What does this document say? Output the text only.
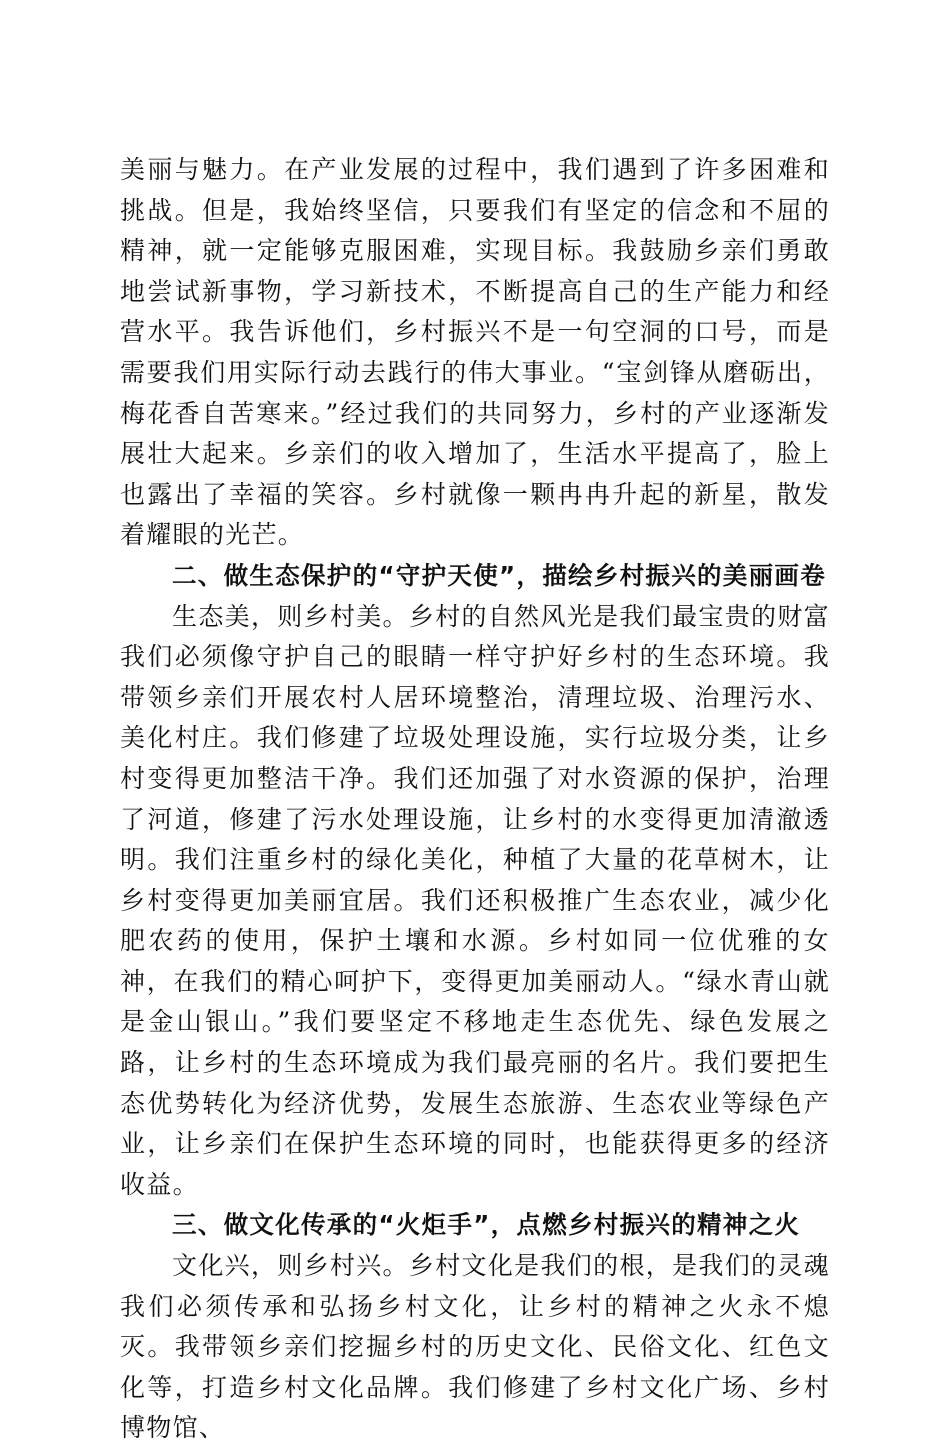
美丽与魅力。在产业发展的过程中，我们遇到了许多困难和挑战。但是，我始终坚信，只要我们有坚定的信念和不屈的精神，就一定能够克服困难，实现目标。我鼓励乡亲们勇敢地尝试新事物，学习新技术，不断提高自己的生产能力和经营水平。我告诉他们，乡村振兴不是一句空洞的口号，而是需要我们用实际行动去践行的伟大事业。“宝剑锋从磨砺出，梅花香自苦寒来。”经过我们的共同努力，乡村的产业逐渐发展壮大起来。乡亲们的收入增加了，生活水平提高了，脸上也露出了幸福的笑容。乡村就像一颗冉冉升起的新星，散发着耀眼的光芒。

二、做生态保护的“守护天使”，描绘乡村振兴的美丽画卷

生态美，则乡村美。乡村的自然风光是我们最宝贵的财富我们必须像守护自己的眼睛一样守护好乡村的生态环境。我带领乡亲们开展农村人居环境整治，清理垃圾、治理污水、美化村庄。我们修建了垃圾处理设施，实行垃圾分类，让乡村变得更加整洁干净。我们还加强了对水资源的保护，治理了河道，修建了污水处理设施，让乡村的水变得更加清澈透明。我们注重乡村的绿化美化，种植了大量的花草树木，让乡村变得更加美丽宜居。我们还积极推广生态农业，减少化肥农药的使用，保护土壤和水源。乡村如同一位优雅的女神，在我们的精心呵护下，变得更加美丽动人。“绿水青山就是金山银山。”我们要坚定不移地走生态优先、绿色发展之路，让乡村的生态环境成为我们最亮丽的名片。我们要把生态优势转化为经济优势，发展生态旅游、生态农业等绿色产业，让乡亲们在保护生态环境的同时，也能获得更多的经济收益。

三、做文化传承的“火炬手”，点燃乡村振兴的精神之火

文化兴，则乡村兴。乡村文化是我们的根，是我们的灵魂我们必须传承和弘扬乡村文化，让乡村的精神之火永不熄灭。我带领乡亲们挖掘乡村的历史文化、民俗文化、红色文化等，打造乡村文化品牌。我们修建了乡村文化广场、乡村博物馆、
